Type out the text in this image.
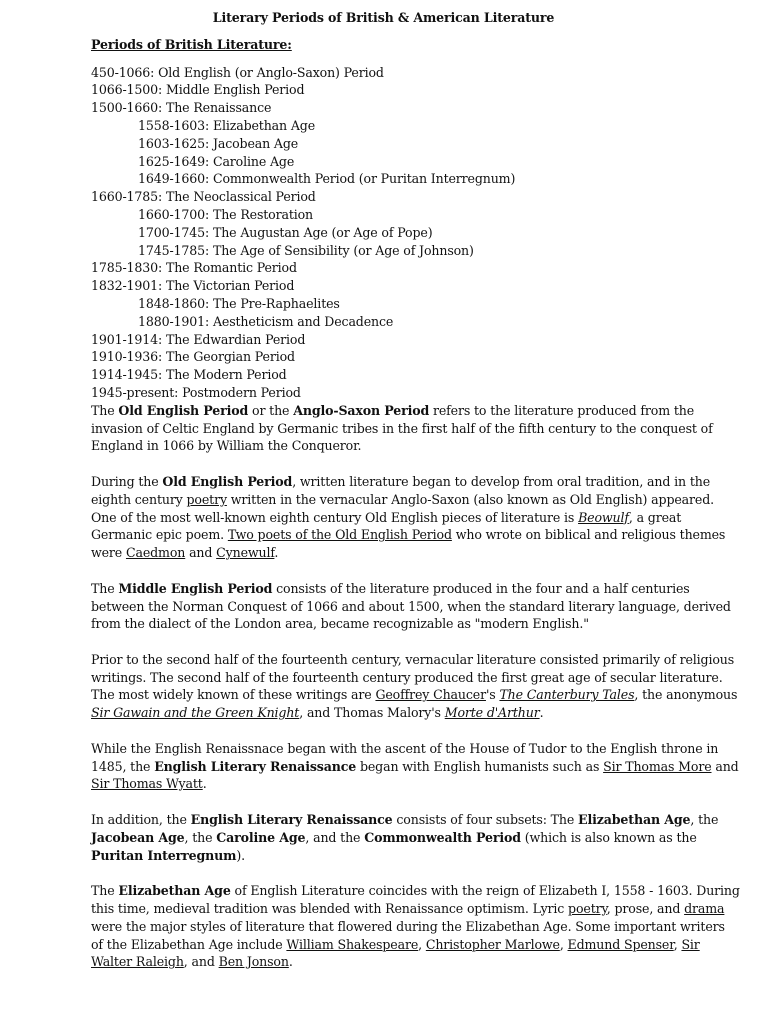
Literary Periods of British & American Literature
Periods of British Literature:
450-1066: Old English (or Anglo-Saxon) Period
1066-1500: Middle English Period
1500-1660: The Renaissance
1558-1603: Elizabethan Age
1603-1625: Jacobean Age
1625-1649: Caroline Age
1649-1660: Commonwealth Period (or Puritan Interregnum)
1660-1785: The Neoclassical Period
1660-1700: The Restoration
1700-1745: The Augustan Age (or Age of Pope)
1745-1785: The Age of Sensibility (or Age of Johnson)
1785-1830: The Romantic Period
1832-1901: The Victorian Period
1848-1860: The Pre-Raphaelites
1880-1901: Aestheticism and Decadence
1901-1914: The Edwardian Period
1910-1936: The Georgian Period
1914-1945: The Modern Period
1945-present: Postmodern Period

The Old English Period or the Anglo-Saxon Period refers to the literature produced from the invasion of Celtic England by Germanic tribes in the first half of the fifth century to the conquest of England in 1066 by William the Conqueror.

During the Old English Period, written literature began to develop from oral tradition, and in the eighth century poetry written in the vernacular Anglo-Saxon (also known as Old English) appeared. One of the most well-known eighth century Old English pieces of literature is Beowulf, a great Germanic epic poem. Two poets of the Old English Period who wrote on biblical and religious themes were Caedmon and Cynewulf.

The Middle English Period consists of the literature produced in the four and a half centuries between the Norman Conquest of 1066 and about 1500, when the standard literary language, derived from the dialect of the London area, became recognizable as "modern English."

Prior to the second half of the fourteenth century, vernacular literature consisted primarily of religious writings. The second half of the fourteenth century produced the first great age of secular literature. The most widely known of these writings are Geoffrey Chaucer's The Canterbury Tales, the anonymous Sir Gawain and the Green Knight, and Thomas Malory's Morte d'Arthur.

While the English Renaissnace began with the ascent of the House of Tudor to the English throne in 1485, the English Literary Renaissance began with English humanists such as Sir Thomas More and Sir Thomas Wyatt.

In addition, the English Literary Renaissance consists of four subsets: The Elizabethan Age, the Jacobean Age, the Caroline Age, and the Commonwealth Period (which is also known as the Puritan Interregnum).

The Elizabethan Age of English Literature coincides with the reign of Elizabeth I, 1558 - 1603. During this time, medieval tradition was blended with Renaissance optimism. Lyric poetry, prose, and drama were the major styles of literature that flowered during the Elizabethan Age. Some important writers of the Elizabethan Age include William Shakespeare, Christopher Marlowe, Edmund Spenser, Sir Walter Raleigh, and Ben Jonson.
